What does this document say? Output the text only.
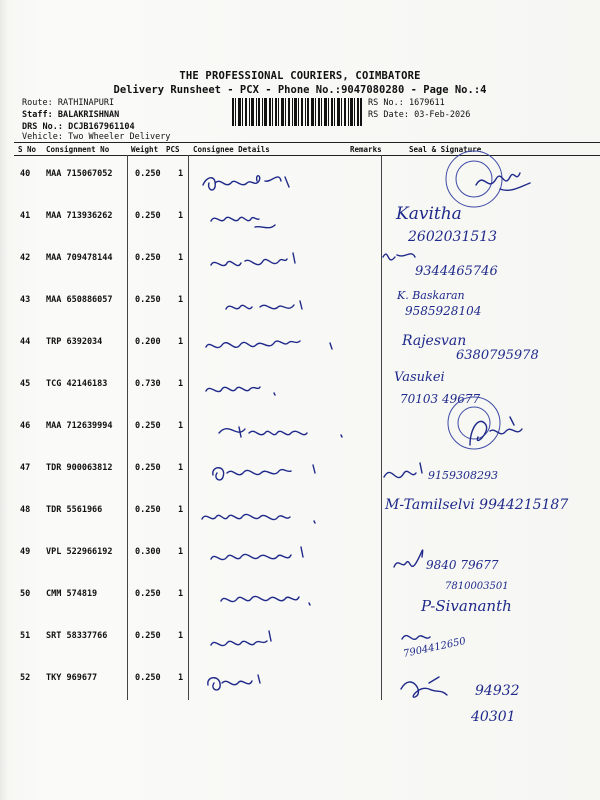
THE PROFESSIONAL COURIERS, COIMBATORE
Delivery Runsheet - PCX - Phone No.:9047080280 - Page No.:4
Route: RATHINAPURI
Staff: BALAKRISHNAN
DRS No.: DCJB167961104
Vehicle: Two Wheeler Delivery
RS No.: 1679611
RS Date: 03-Feb-2026
S No Consignment No	Weight PCS Consignee Details	Remarks	Seal & Signature
40 MAA 715067052	0.250 1
41 MAA 713936262	0.250 1	Kavitha
2602031513
42 MAA 709478144	0.250 1
9344465746
43 MAA 650886057	0.250 1	K. Baskaran
9585928104
44 TRP 6392034	0.200 1	Rajesvan
6380795978
45 TCG 42146183	0.730 1	Vasukei
70103 49677
46 MAA 712639994	0.250 1
47 TDR 900063812	0.250 1
9159308293
48 TDR 5561966	0.250 1	M-Tamilselvi 9944215187
49 VPL 522966192	0.300 1
9840 79677
50 CMM 574819	0.250 1
7810003501
P-Sivananth
51 SRT 58337766	0.250 1	7904412650
52 TKY 969677	0.250 1
94932
40301
